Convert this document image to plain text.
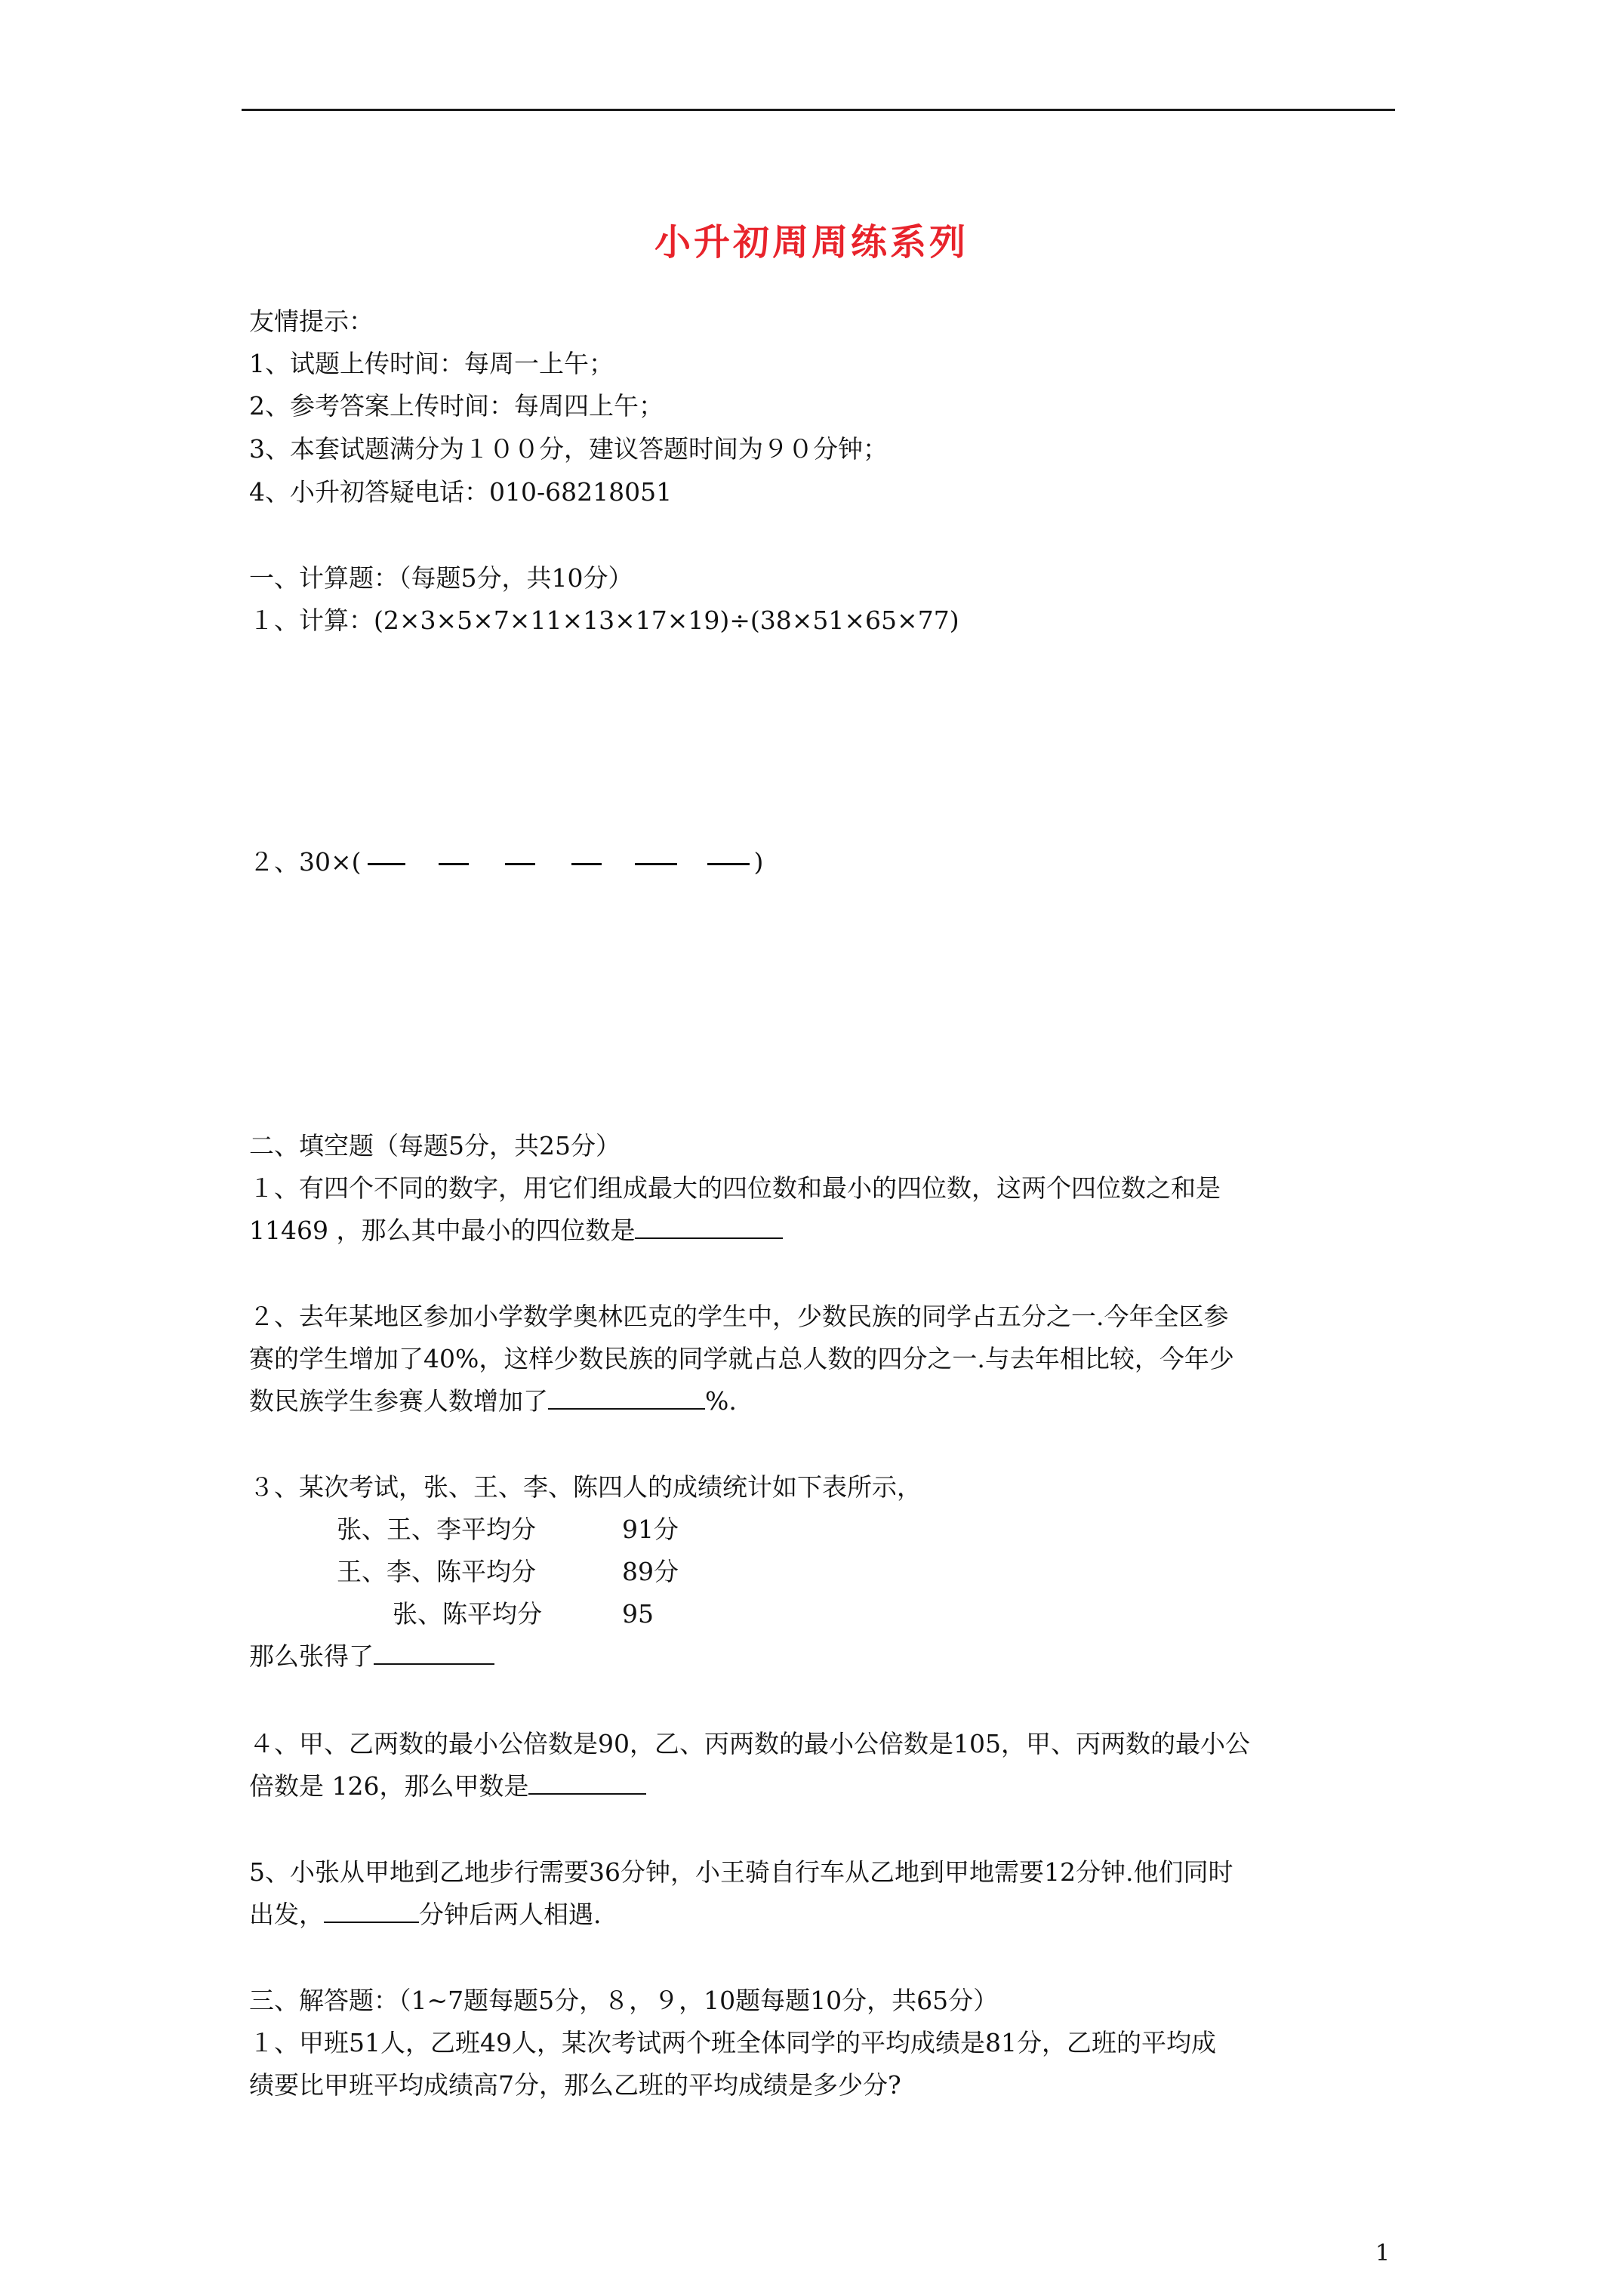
小升初周周练系列
友情提示：
1、试题上传时间：每周一上午；
2、参考答案上传时间：每周四上午；
3、本套试题满分为１００分，建议答题时间为９０分钟；
4、小升初答疑电话：010-68218051
一、计算题：（每题5分，共10分）
１、计算：(2×3×5×7×11×13×17×19)÷(38×51×65×77)
２、30×(	)
二、填空题（每题5分，共25分）
１、有四个不同的数字，用它们组成最大的四位数和最小的四位数，这两个四位数之和是
11469 ，那么其中最小的四位数是
２、去年某地区参加小学数学奥林匹克的学生中，少数民族的同学占五分之一.今年全区参
赛的学生增加了40%，这样少数民族的同学就占总人数的四分之一.与去年相比较，今年少
数民族学生参赛人数增加了	%.
３、某次考试，张、王、李、陈四人的成绩统计如下表所示，
张、王、李平均分	91分
王、李、陈平均分	89分
张、陈平均分	95
那么张得了
４、甲、乙两数的最小公倍数是90，乙、丙两数的最小公倍数是105，甲、丙两数的最小公
倍数是 126，那么甲数是
5、小张从甲地到乙地步行需要36分钟，小王骑自行车从乙地到甲地需要12分钟.他们同时
出发，	分钟后两人相遇.
三、解答题：（1~7题每题5分，８，９，10题每题10分，共65分）
１、甲班51人，乙班49人，某次考试两个班全体同学的平均成绩是81分，乙班的平均成
绩要比甲班平均成绩高7分，那么乙班的平均成绩是多少分?
1
